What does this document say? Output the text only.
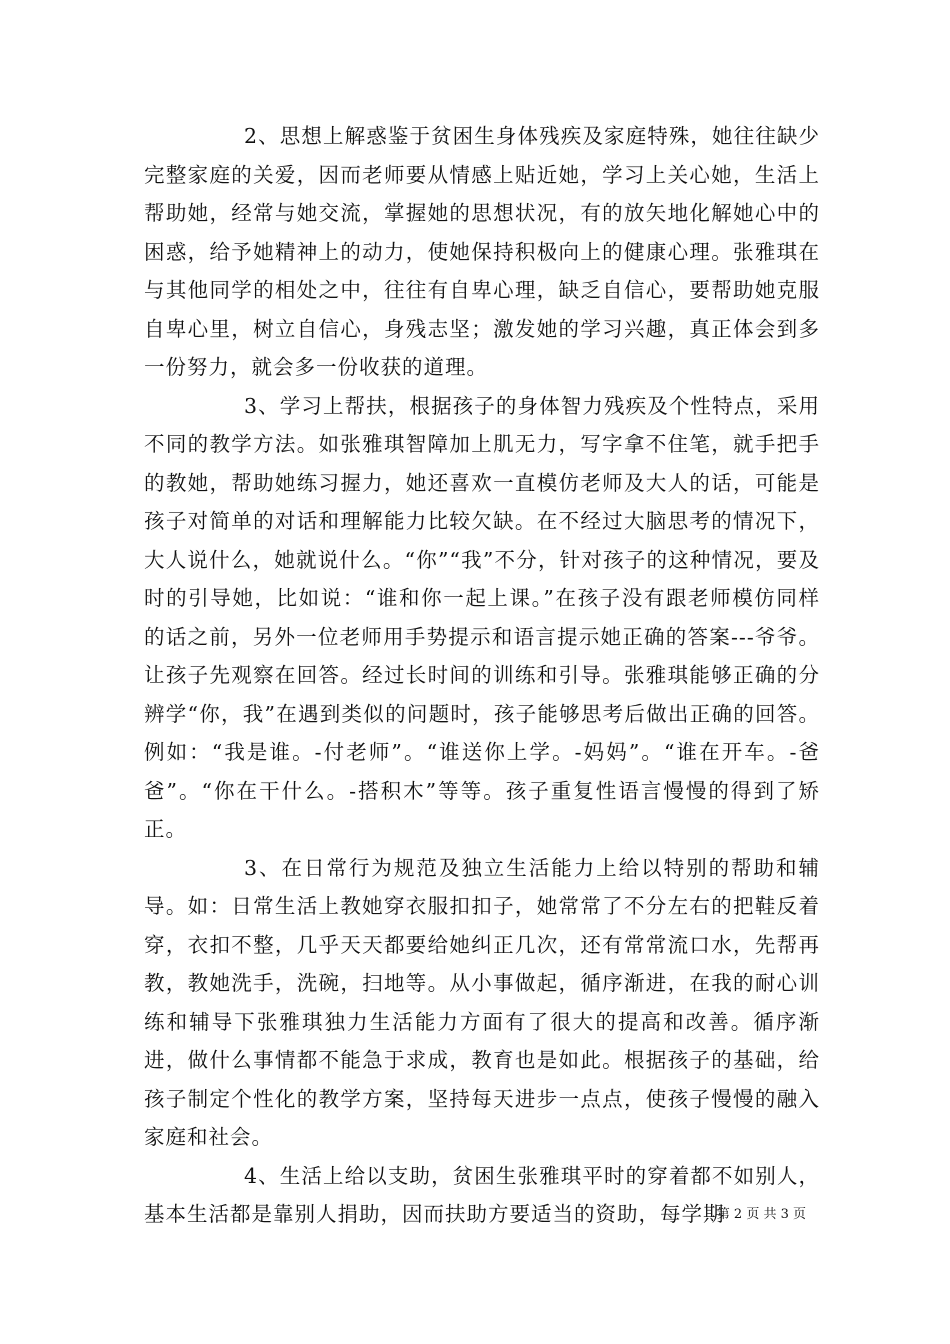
2、思想上解惑鉴于贫困生身体残疾及家庭特殊，她往往缺少完整家庭的关爱，因而老师要从情感上贴近她，学习上关心她，生活上帮助她，经常与她交流，掌握她的思想状况，有的放矢地化解她心中的困惑，给予她精神上的动力，使她保持积极向上的健康心理。张雅琪在与其他同学的相处之中，往往有自卑心理，缺乏自信心，要帮助她克服自卑心里，树立自信心，身残志坚；激发她的学习兴趣，真正体会到多一份努力，就会多一份收获的道理。

3、学习上帮扶，根据孩子的身体智力残疾及个性特点，采用不同的教学方法。如张雅琪智障加上肌无力，写字拿不住笔，就手把手的教她，帮助她练习握力，她还喜欢一直模仿老师及大人的话，可能是孩子对简单的对话和理解能力比较欠缺。在不经过大脑思考的情况下，大人说什么，她就说什么。“你”“我”不分，针对孩子的这种情况，要及时的引导她，比如说：“谁和你一起上课。”在孩子没有跟老师模仿同样的话之前，另外一位老师用手势提示和语言提示她正确的答案---爷爷。让孩子先观察在回答。经过长时间的训练和引导。张雅琪能够正确的分辨学“你，我”在遇到类似的问题时，孩子能够思考后做出正确的回答。例如：“我是谁。-付老师”。“谁送你上学。-妈妈”。“谁在开车。-爸爸”。“你在干什么。-搭积木”等等。孩子重复性语言慢慢的得到了矫正。

3、在日常行为规范及独立生活能力上给以特别的帮助和辅导。如：日常生活上教她穿衣服扣扣子，她常常了不分左右的把鞋反着穿，衣扣不整，几乎天天都要给她纠正几次，还有常常流口水，先帮再教，教她洗手，洗碗，扫地等。从小事做起，循序渐进，在我的耐心训练和辅导下张雅琪独力生活能力方面有了很大的提高和改善。循序渐进，做什么事情都不能急于求成，教育也是如此。根据孩子的基础，给孩子制定个性化的教学方案，坚持每天进步一点点，使孩子慢慢的融入家庭和社会。

4、生活上给以支助，贫困生张雅琪平时的穿着都不如别人，基本生活都是靠别人捐助，因而扶助方要适当的资助，每学期

第 2 页 共 3 页
